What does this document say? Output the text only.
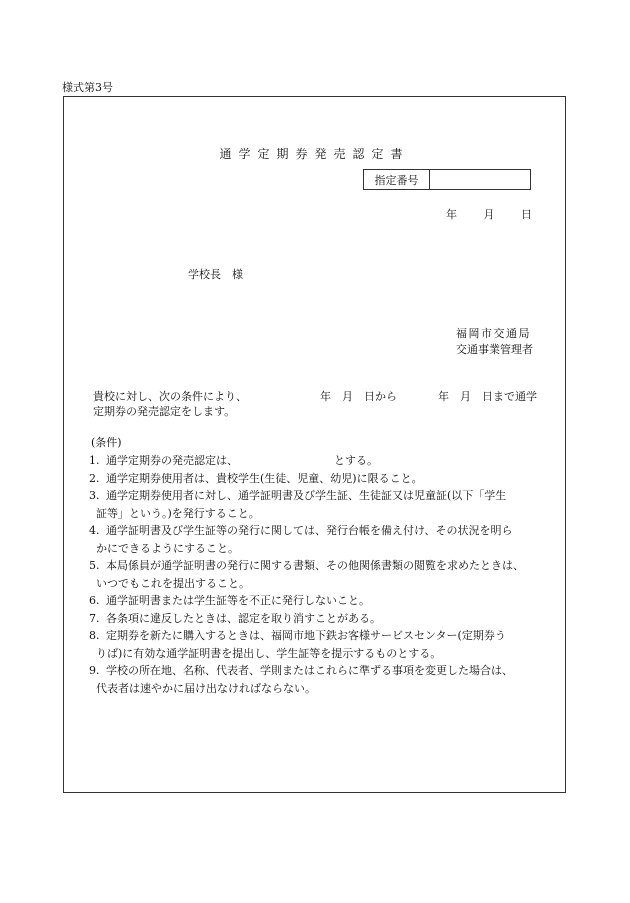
様式第3号
通学定期券発売認定書
指定番号
年 月 日
学校長　様
福岡市交通局
交通事業管理者
貴校に対し、次の条件により、	年　月　日から	年　月　日まで通学
定期券の発売認定をします。
(条件)
1. 通学定期券の発売認定は、	とする。
2. 通学定期券使用者は、貴校学生(生徒、児童、幼児)に限ること。
3. 通学定期券使用者に対し、通学証明書及び学生証、生徒証又は児童証(以下「学生
証等」という。)を発行すること。
4. 通学証明書及び学生証等の発行に関しては、発行台帳を備え付け、その状況を明ら
かにできるようにすること。
5. 本局係員が通学証明書の発行に関する書類、その他関係書類の閲覧を求めたときは、
いつでもこれを提出すること。
6. 通学証明書または学生証等を不正に発行しないこと。
7. 各条項に違反したときは、認定を取り消すことがある。
8. 定期券を新たに購入するときは、福岡市地下鉄お客様サービスセンター(定期券う
りば)に有効な通学証明書を提出し、学生証等を提示するものとする。
9. 学校の所在地、名称、代表者、学則またはこれらに準ずる事項を変更した場合は、
代表者は速やかに届け出なければならない。
